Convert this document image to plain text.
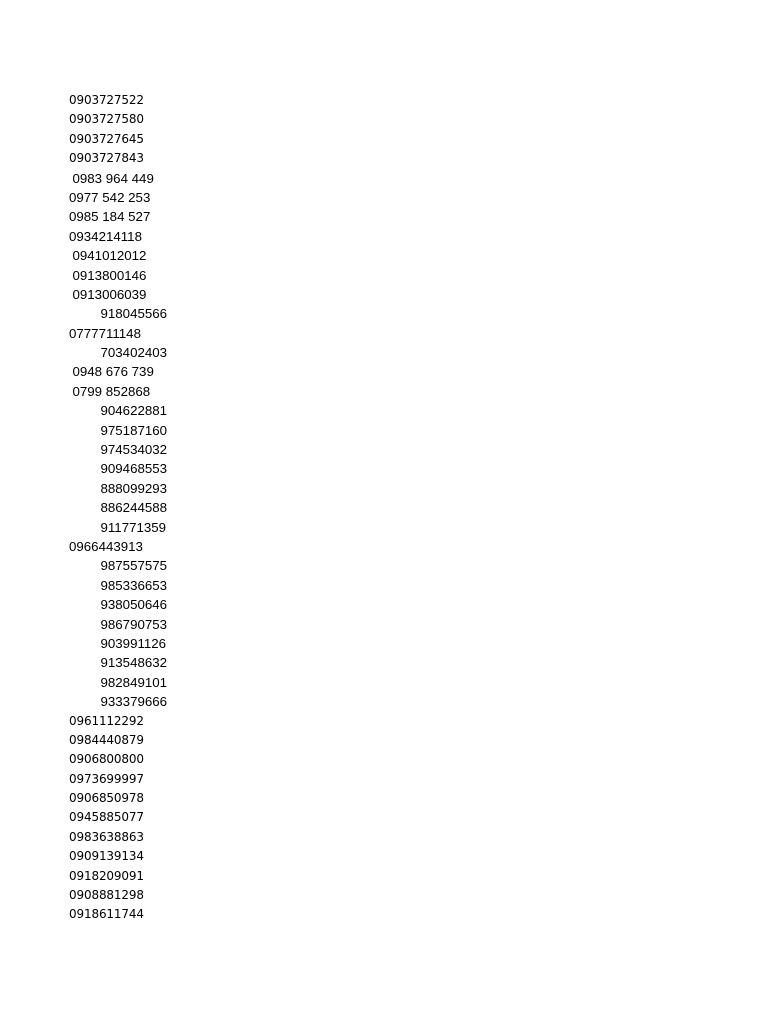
0903727522
0903727580
0903727645
0903727843
0983 964 449
0977 542 253
0985 184 527
0934214118
0941012012
0913800146
0913006039
918045566
0777711148
703402403
0948 676 739
0799 852868
904622881
975187160
974534032
909468553
888099293
886244588
911771359
0966443913
987557575
985336653
938050646
986790753
903991126
913548632
982849101
933379666
0961112292
0984440879
0906800800
0973699997
0906850978
0945885077
0983638863
0909139134
0918209091
0908881298
0918611744
